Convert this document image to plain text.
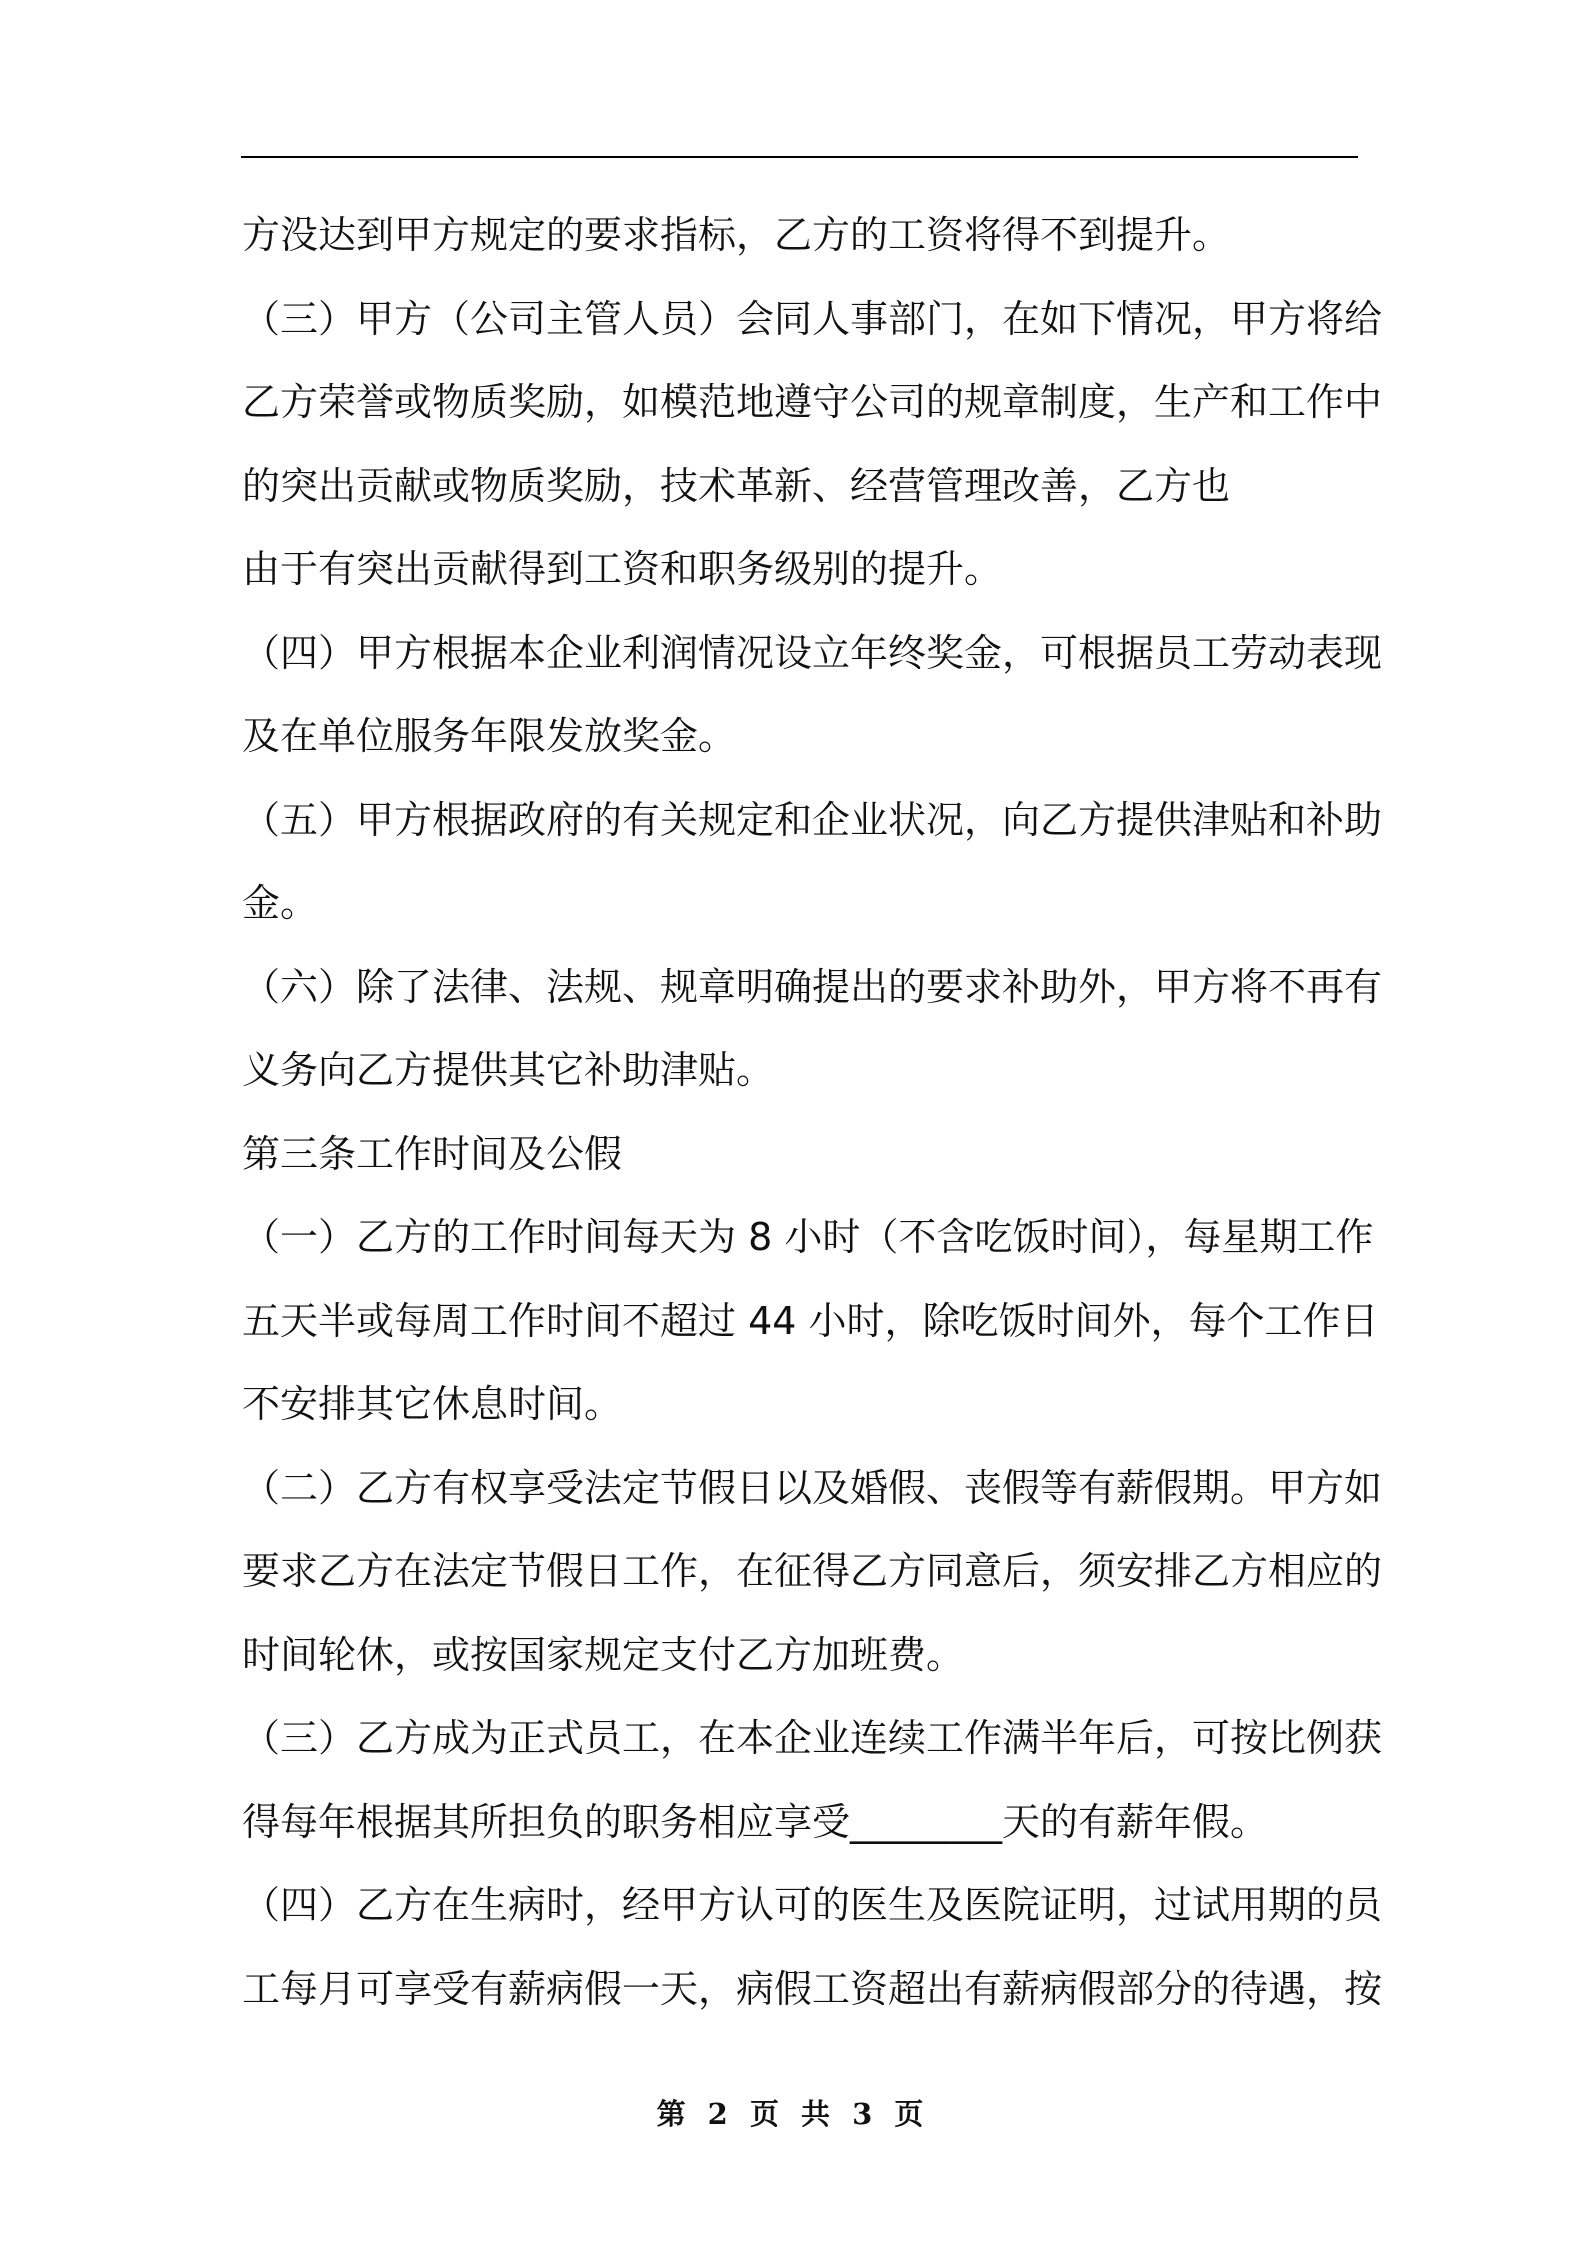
方没达到甲方规定的要求指标，乙方的工资将得不到提升。
（三）甲方（公司主管人员）会同人事部门，在如下情况，甲方将给
乙方荣誉或物质奖励，如模范地遵守公司的规章制度，生产和工作中
的突出贡献或物质奖励，技术革新、经营管理改善，乙方也
由于有突出贡献得到工资和职务级别的提升。
（四）甲方根据本企业利润情况设立年终奖金，可根据员工劳动表现
及在单位服务年限发放奖金。
（五）甲方根据政府的有关规定和企业状况，向乙方提供津贴和补助
金。
（六）除了法律、法规、规章明确提出的要求补助外，甲方将不再有
义务向乙方提供其它补助津贴。
第三条工作时间及公假
（一）乙方的工作时间每天为 8 小时（不含吃饭时间），每星期工作
五天半或每周工作时间不超过 44 小时，除吃饭时间外，每个工作日
不安排其它休息时间。
（二）乙方有权享受法定节假日以及婚假、丧假等有薪假期。甲方如
要求乙方在法定节假日工作，在征得乙方同意后，须安排乙方相应的
时间轮休，或按国家规定支付乙方加班费。
（三）乙方成为正式员工，在本企业连续工作满半年后，可按比例获
得每年根据其所担负的职务相应享受________天的有薪年假。
（四）乙方在生病时，经甲方认可的医生及医院证明，过试用期的员
工每月可享受有薪病假一天，病假工资超出有薪病假部分的待遇，按
第 2 页 共 3 页
